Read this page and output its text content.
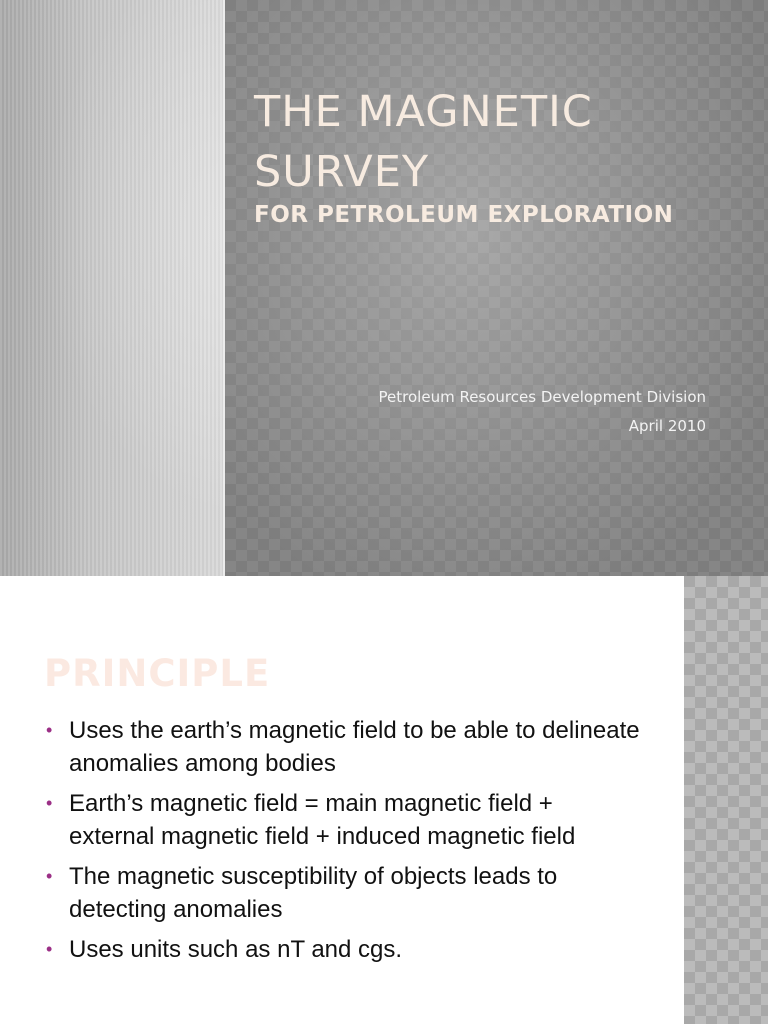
THE MAGNETIC
SURVEY
FOR PETROLEUM EXPLORATION
Petroleum Resources Development Division
April 2010
PRINCIPLE
• Uses the earth’s magnetic field to be able to delineate anomalies among bodies
• Earth’s magnetic field = main magnetic field + external magnetic field + induced magnetic field
• The magnetic susceptibility of objects leads to detecting anomalies
• Uses units such as nT and cgs.
